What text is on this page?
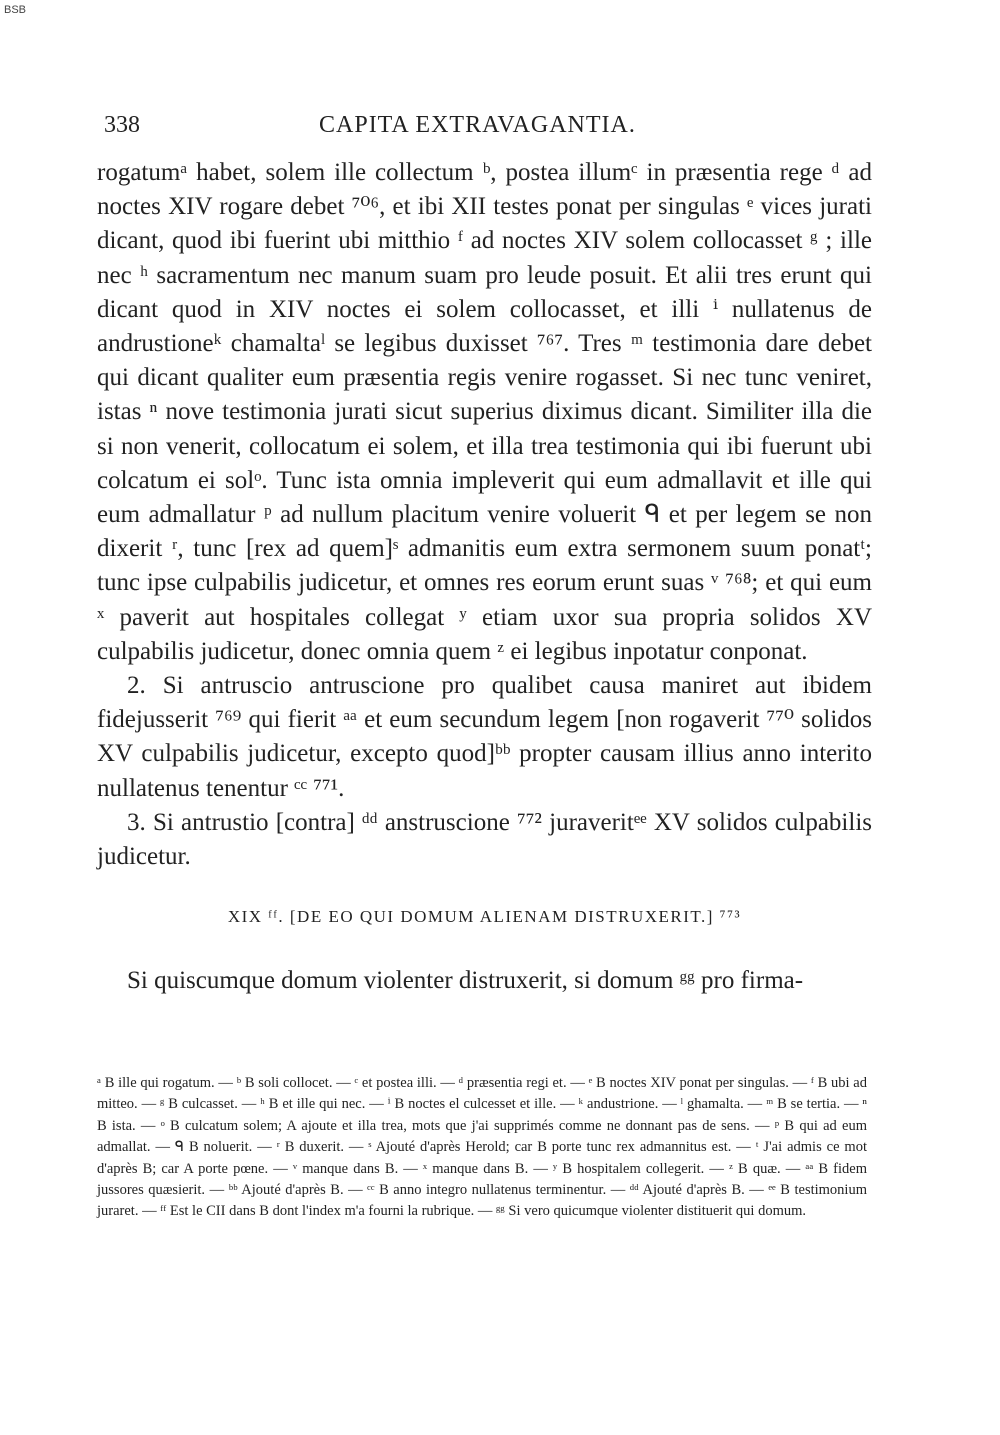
BSB
338	CAPITA EXTRAVAGANTIA.

rogatumᵃ habet, solem ille collectum ᵇ, postea illumᶜ in præsentia rege ᵈ ad noctes XIV rogare debet ⁷⁰⁶, et ibi XII testes ponat per singulas ᵉ vices jurati dicant, quod ibi fuerint ubi mitthio ᶠ ad noctes XIV solem collocasset ᵍ ; ille nec ʰ sacramentum nec manum suam pro leude posuit. Et alii tres erunt qui dicant quod in XIV noctes ei solem collocasset, et illi ⁱ nullatenus de andrustioneᵏ chamaltaˡ se legibus duxisset ⁷⁶⁷. Tres ᵐ testimonia dare debet qui dicant qualiter eum præsentia regis venire rogasset. Si nec tunc veniret, istas ⁿ nove testimonia jurati sicut superius diximus dicant. Similiter illa die si non venerit, collocatum ei solem, et illa trea testimonia qui ibi fuerunt ubi colcatum ei solᵒ. Tunc ista omnia impleverit qui eum admallavit et ille qui eum admallatur ᵖ ad nullum placitum venire voluerit ᑫ et per legem se non dixerit ʳ, tunc [rex ad quem]ˢ admanitis eum extra sermonem suum ponatᵗ; tunc ipse culpabilis judicetur, et omnes res eorum erunt suas ᵛ ⁷⁶⁸; et qui eum ˣ paverit aut hospitales collegat ʸ etiam uxor sua propria solidos XV culpabilis judicetur, donec omnia quem ᶻ ei legibus inpotatur conponat.

2. Si antruscio antruscione pro qualibet causa maniret aut ibidem fidejusserit ⁷⁶⁹ qui fierit ᵃᵃ et eum secundum legem [non rogaverit ⁷⁷⁰ solidos XV culpabilis judicetur, excepto quod]ᵇᵇ propter causam illius anno interito nullatenus tenentur ᶜᶜ ⁷⁷¹.

3. Si antrustio [contra] ᵈᵈ anstruscione ⁷⁷² juraveritᵉᵉ XV solidos culpabilis judicetur.

XIX ᶠᶠ. [DE EO QUI DOMUM ALIENAM DISTRUXERIT.] ⁷⁷³

Si quiscumque domum violenter distruxerit, si domum ᵍᵍ pro firma-

ᵃ B ille qui rogatum. — ᵇ B soli collocet. — ᶜ et postea illi. — ᵈ præsentia regi et. — ᵉ B noctes XIV ponat per singulas. — ᶠ B ubi ad mitteo. — ᵍ B culcasset. — ʰ B et ille qui nec. — ⁱ B noctes el culcesset et ille. — ᵏ andustrione. — ˡ ghamalta. — ᵐ B se tertia. — ⁿ B ista. — ᵒ B culcatum solem; A ajoute et illa trea, mots que j'ai supprimés comme ne donnant pas de sens. — ᵖ B qui ad eum admallat. — ᑫ B noluerit. — ʳ B duxerit. — ˢ Ajouté d'après Herold; car B porte tunc rex admannitus est. — ᵗ J'ai admis ce mot d'après B; car A porte pœne. — ᵛ manque dans B. — ˣ manque dans B. — ʸ B hospitalem collegerit. — ᶻ B quæ. — ᵃᵃ B fidem jussores quæsierit. — ᵇᵇ Ajouté d'après B. — ᶜᶜ B anno integro nullatenus terminentur. — ᵈᵈ Ajouté d'après B. — ᵉᵉ B testimonium juraret. — ᶠᶠ Est le CII dans B dont l'index m'a fourni la rubrique. — ᵍᵍ Si vero quicumque violenter distituerit qui domum.
